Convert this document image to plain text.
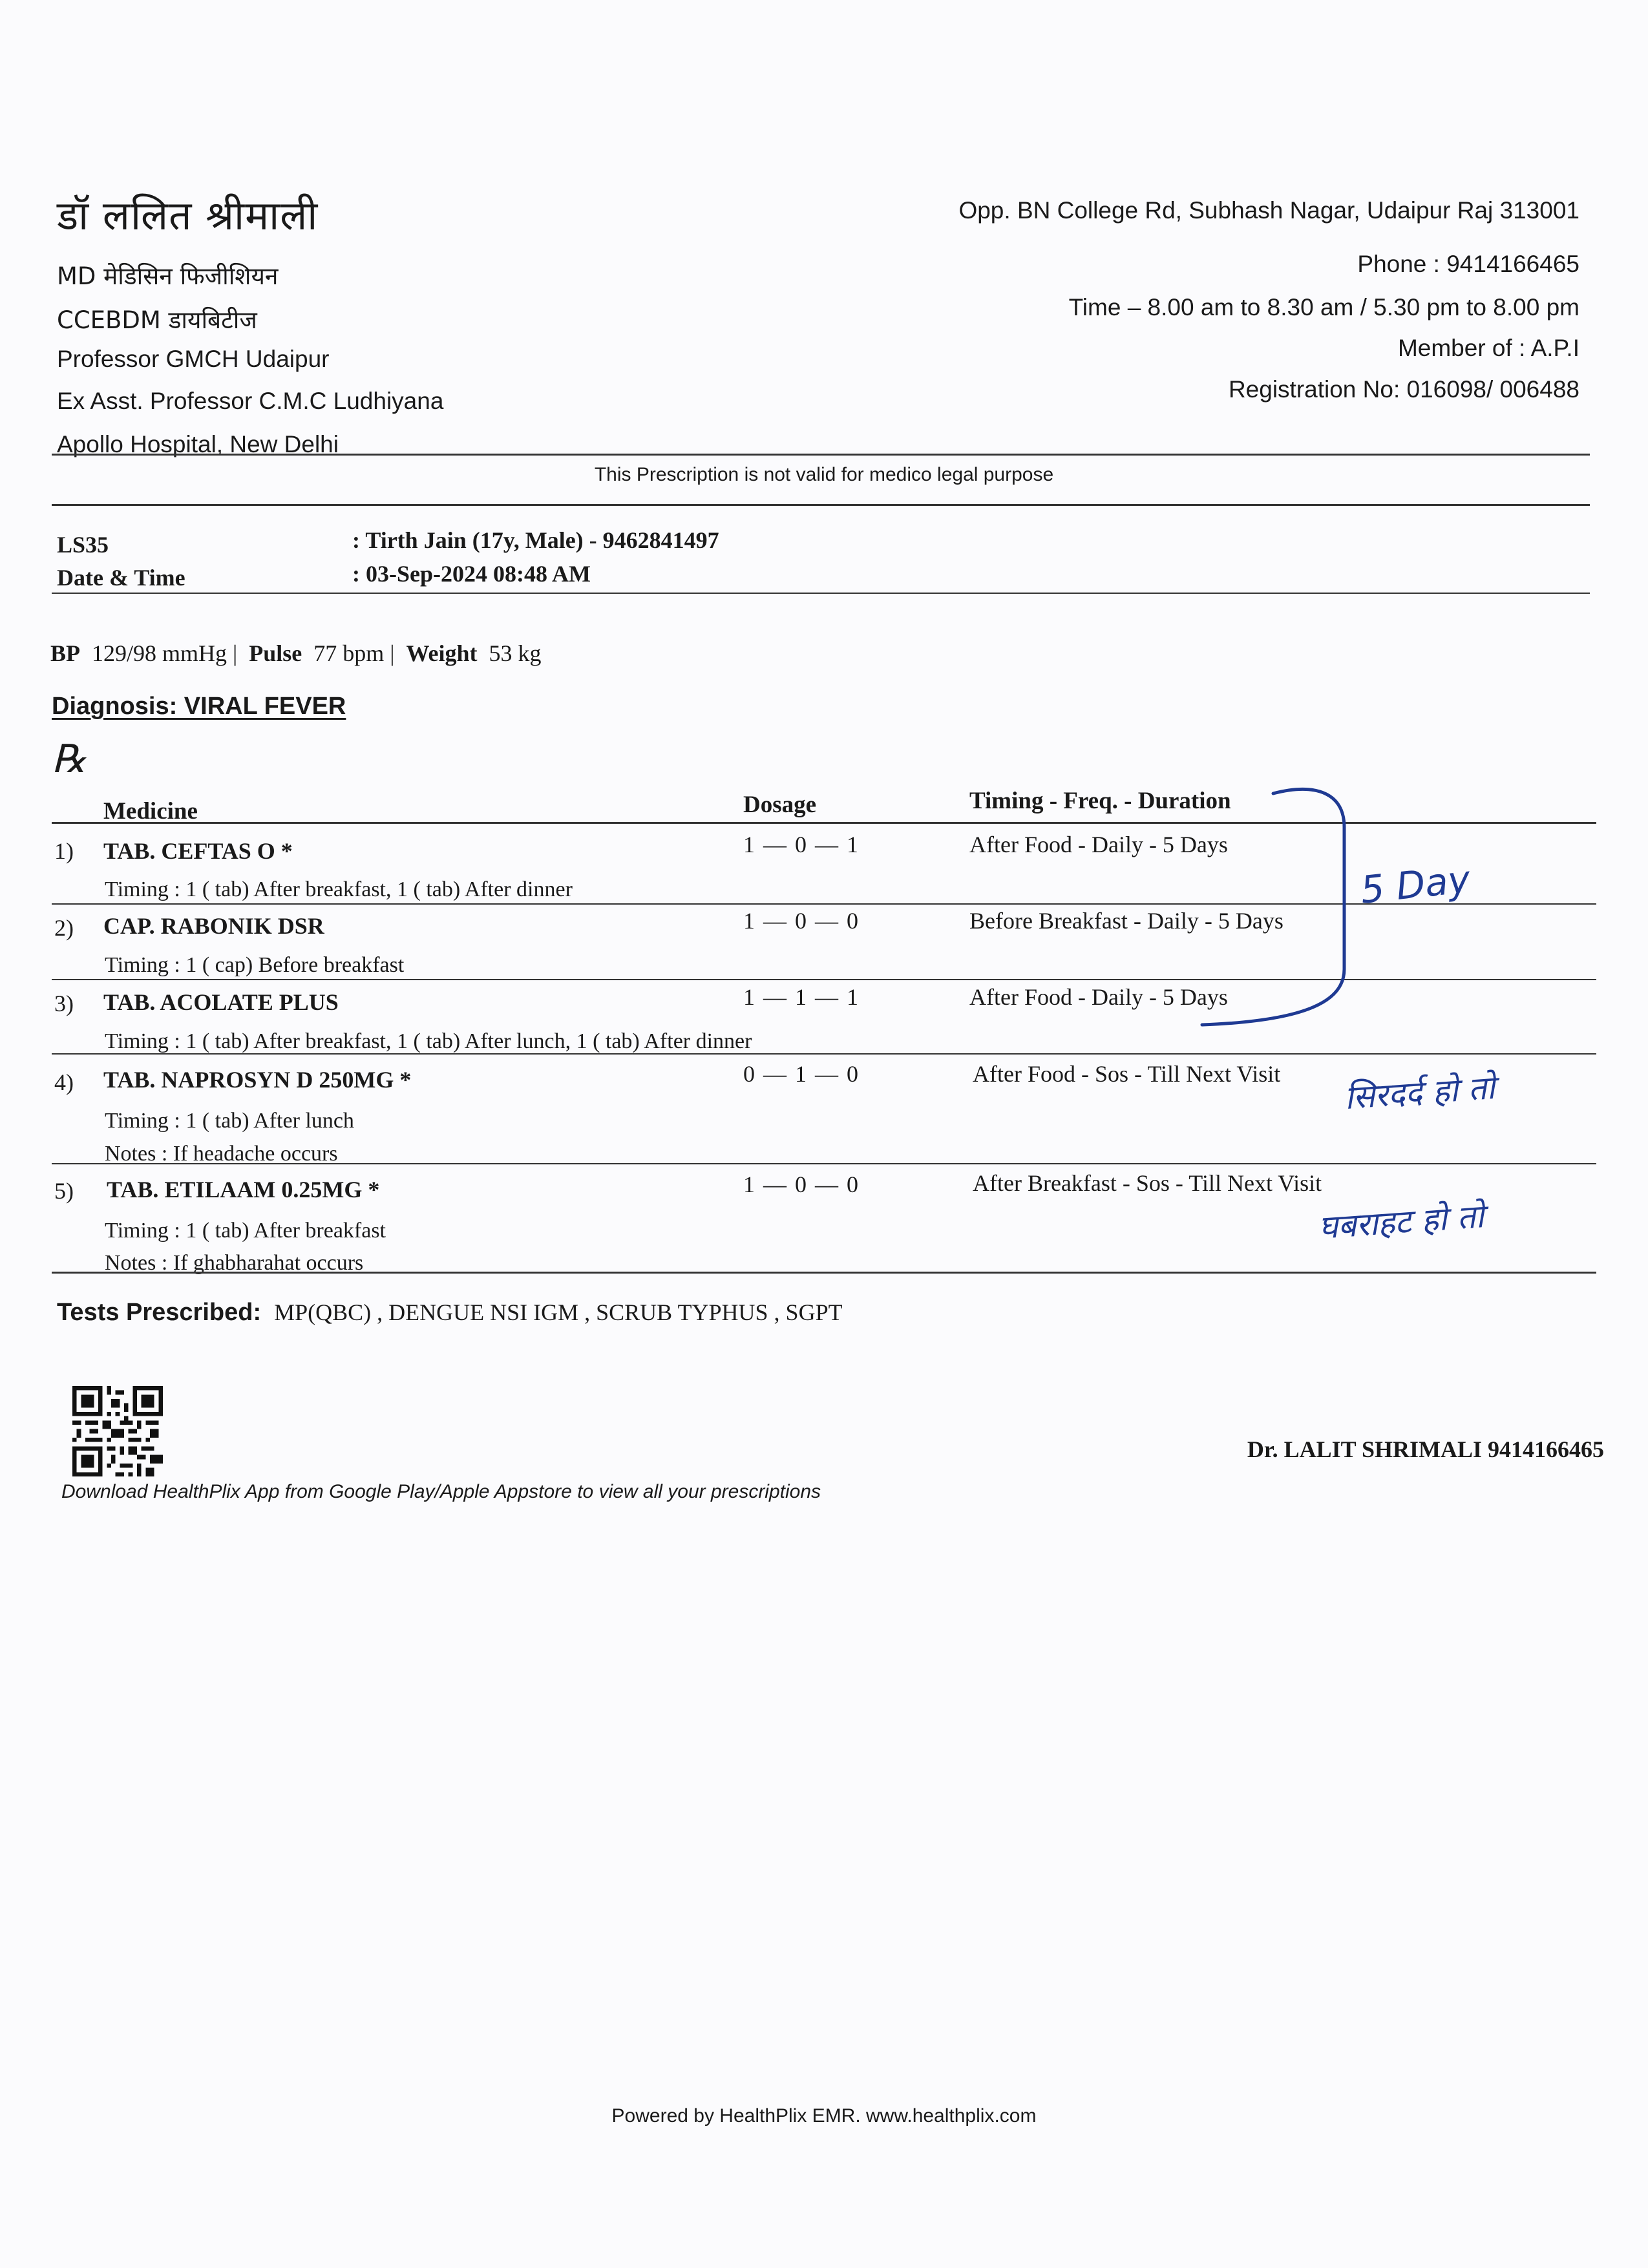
डॉ ललित श्रीमाली
MD मेडिसिन फिजीशियन
CCEBDM डायबिटीज
Professor GMCH Udaipur
Ex Asst. Professor C.M.C Ludhiyana
Apollo Hospital, New Delhi
Opp. BN College Rd, Subhash Nagar, Udaipur Raj 313001
Phone : 9414166465
Time – 8.00 am to 8.30 am / 5.30 pm to 8.00 pm
Member of : A.P.I
Registration No: 016098/ 006488
This Prescription is not valid for medico legal purpose
LS35	: Tirth Jain (17y, Male) - 9462841497
Date & Time	: 03-Sep-2024 08:48 AM
BP 129/98 mmHg |  Pulse 77 bpm |  Weight 53 kg
Diagnosis: VIRAL FEVER
℞
Medicine	Dosage	Timing - Freq. - Duration
1) TAB. CEFTAS O *	1 — 0 — 1	After Food - Daily - 5 Days
Timing : 1 ( tab) After breakfast, 1 ( tab) After dinner
2) CAP. RABONIK DSR	1 — 0 — 0	Before Breakfast - Daily - 5 Days
Timing : 1 ( cap) Before breakfast
3) TAB. ACOLATE PLUS	1 — 1 — 1	After Food - Daily - 5 Days
Timing : 1 ( tab) After breakfast, 1 ( tab) After lunch, 1 ( tab) After dinner
4) TAB. NAPROSYN D 250MG *	0 — 1 — 0	After Food - Sos - Till Next Visit
Timing : 1 ( tab) After lunch
Notes : If headache occurs
5) TAB. ETILAAM 0.25MG *	1 — 0 — 0	After Breakfast - Sos - Till Next Visit
Timing : 1 ( tab) After breakfast
Notes : If ghabharahat occurs
5 Day
सिरदर्द हो तो
घबराहट हो तो
Tests Prescribed: MP(QBC) , DENGUE NSI IGM , SCRUB TYPHUS , SGPT
Download HealthPlix App from Google Play/Apple Appstore to view all your prescriptions
Dr. LALIT SHRIMALI 9414166465
Powered by HealthPlix EMR. www.healthplix.com
